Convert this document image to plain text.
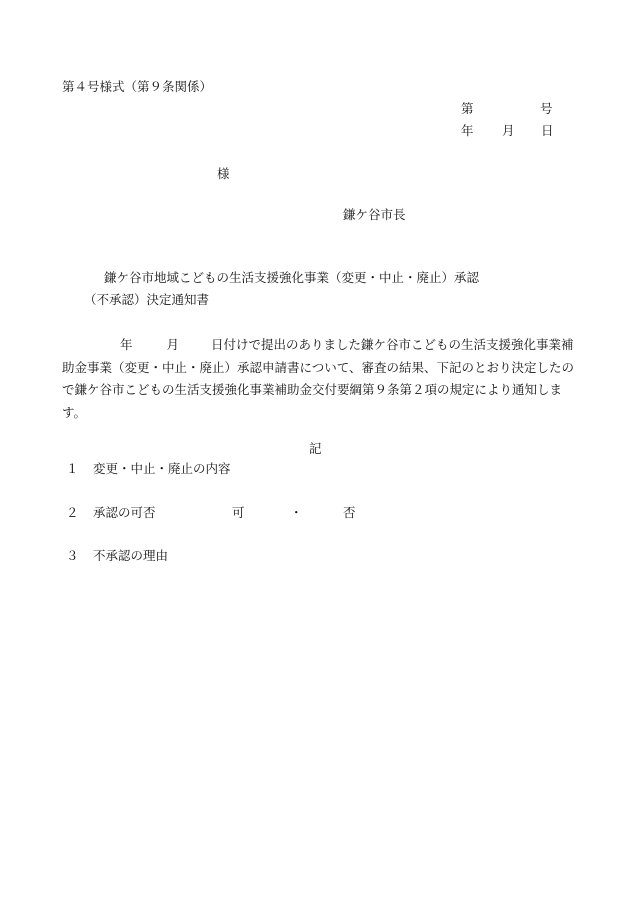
第４号様式（第９条関係）
第	号
年 月 日
様
鎌ケ谷市長
鎌ケ谷市地域こどもの生活支援強化事業（変更・中止・廃止）承認
（不承認）決定通知書
年	月	日付けで提出のありました鎌ケ谷市こどもの生活支援強化事業補助金事業（変更・中止・廃止）承認申請書について、審査の結果、下記のとおり決定したので鎌ケ谷市こどもの生活支援強化事業補助金交付要綱第９条第２項の規定により通知します。
記
１ 変更・中止・廃止の内容
２ 承認の可否	可	・	否
３ 不承認の理由
